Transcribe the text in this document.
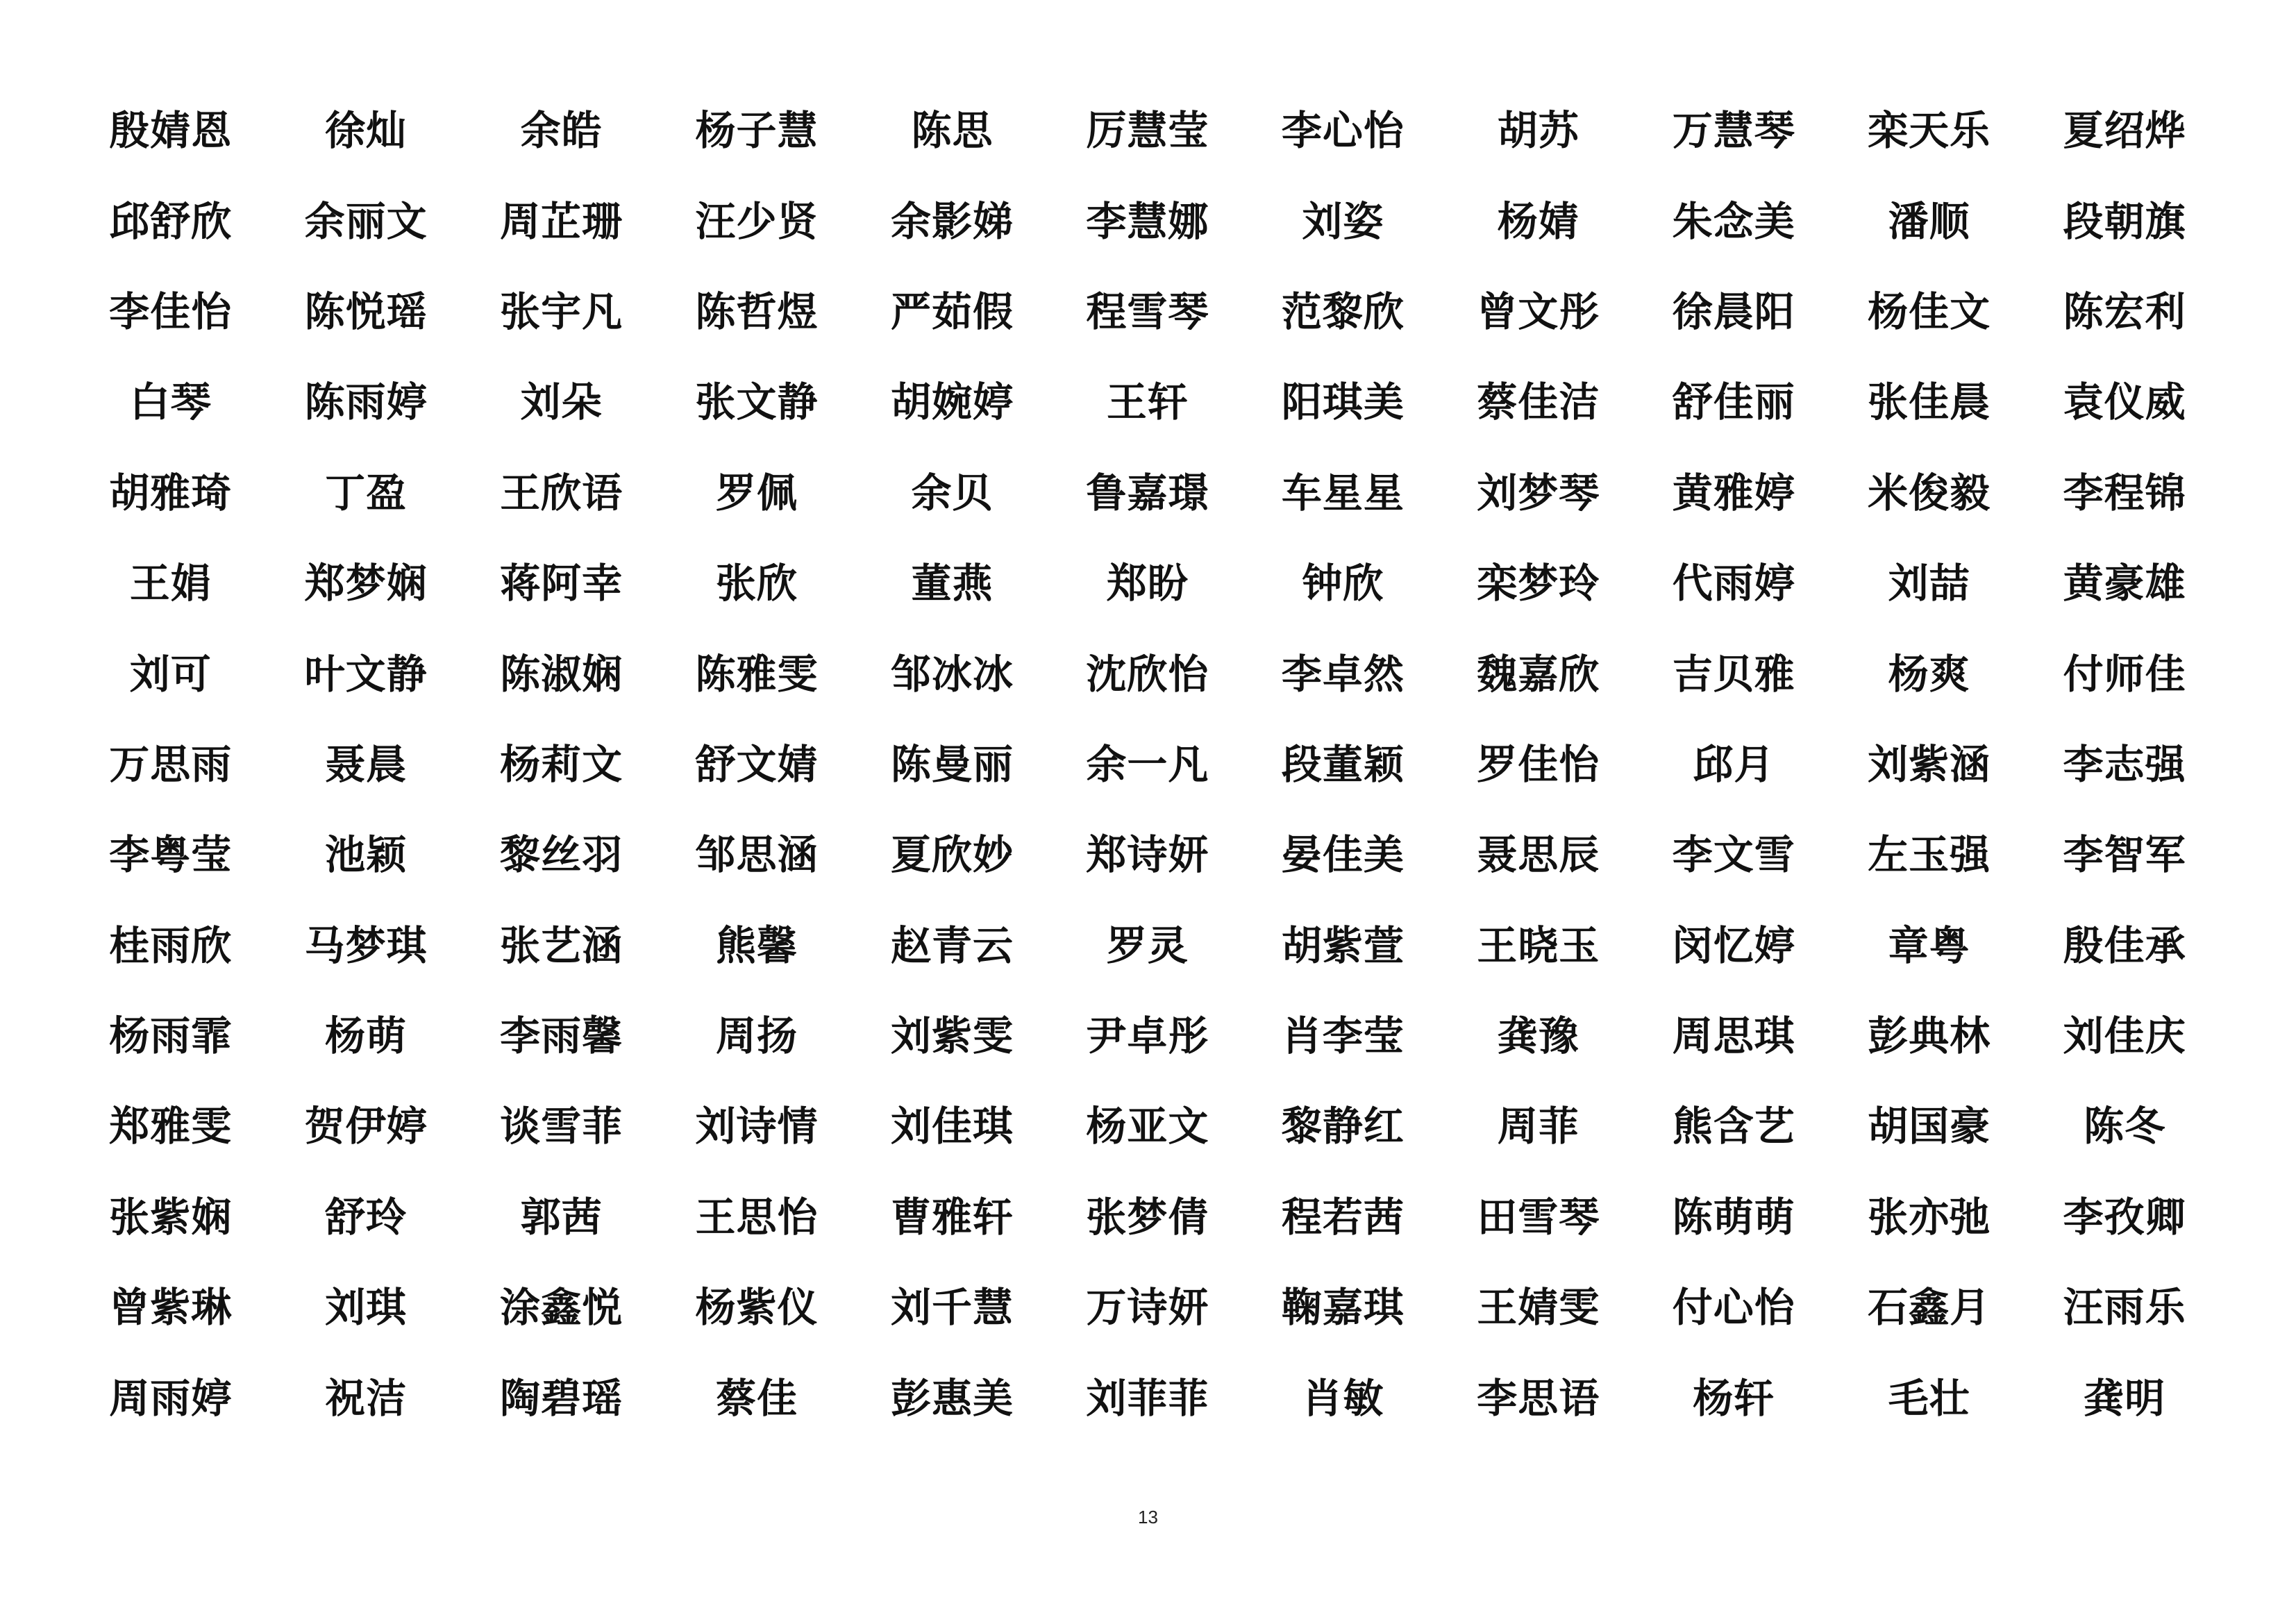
殷婧恩	徐灿	余皓	杨子慧	陈思	厉慧莹	李心怡	胡苏	万慧琴	栾天乐	夏绍烨
邱舒欣	余丽文	周芷珊	汪少贤	余影娣	李慧娜	刘姿	杨婧	朱念美	潘顺	段朝旗
李佳怡	陈悦瑶	张宇凡	陈哲煜	严茹假	程雪琴	范黎欣	曾文彤	徐晨阳	杨佳文	陈宏利
白琴	陈雨婷	刘朵	张文静	胡婉婷	王轩	阳琪美	蔡佳洁	舒佳丽	张佳晨	袁仪威
胡雅琦	丁盈	王欣语	罗佩	余贝	鲁嘉璟	车星星	刘梦琴	黄雅婷	米俊毅	李程锦
王娟	郑梦娴	蒋阿幸	张欣	董燕	郑盼	钟欣	栾梦玲	代雨婷	刘喆	黄豪雄
刘可	叶文静	陈淑娴	陈雅雯	邹冰冰	沈欣怡	李卓然	魏嘉欣	吉贝雅	杨爽	付师佳
万思雨	聂晨	杨莉文	舒文婧	陈曼丽	余一凡	段董颖	罗佳怡	邱月	刘紫涵	李志强
李粤莹	池颖	黎丝羽	邹思涵	夏欣妙	郑诗妍	晏佳美	聂思辰	李文雪	左玉强	李智军
桂雨欣	马梦琪	张艺涵	熊馨	赵青云	罗灵	胡紫萱	王晓玉	闵忆婷	章粤	殷佳承
杨雨霏	杨萌	李雨馨	周扬	刘紫雯	尹卓彤	肖李莹	龚豫	周思琪	彭典林	刘佳庆
郑雅雯	贺伊婷	谈雪菲	刘诗情	刘佳琪	杨亚文	黎静红	周菲	熊含艺	胡国豪	陈冬
张紫娴	舒玲	郭茜	王思怡	曹雅轩	张梦倩	程若茜	田雪琴	陈萌萌	张亦弛	李孜卿
曾紫琳	刘琪	涂鑫悦	杨紫仪	刘千慧	万诗妍	鞠嘉琪	王婧雯	付心怡	石鑫月	汪雨乐
周雨婷	祝洁	陶碧瑶	蔡佳	彭惠美	刘菲菲	肖敏	李思语	杨轩	毛壮	龚明
13
